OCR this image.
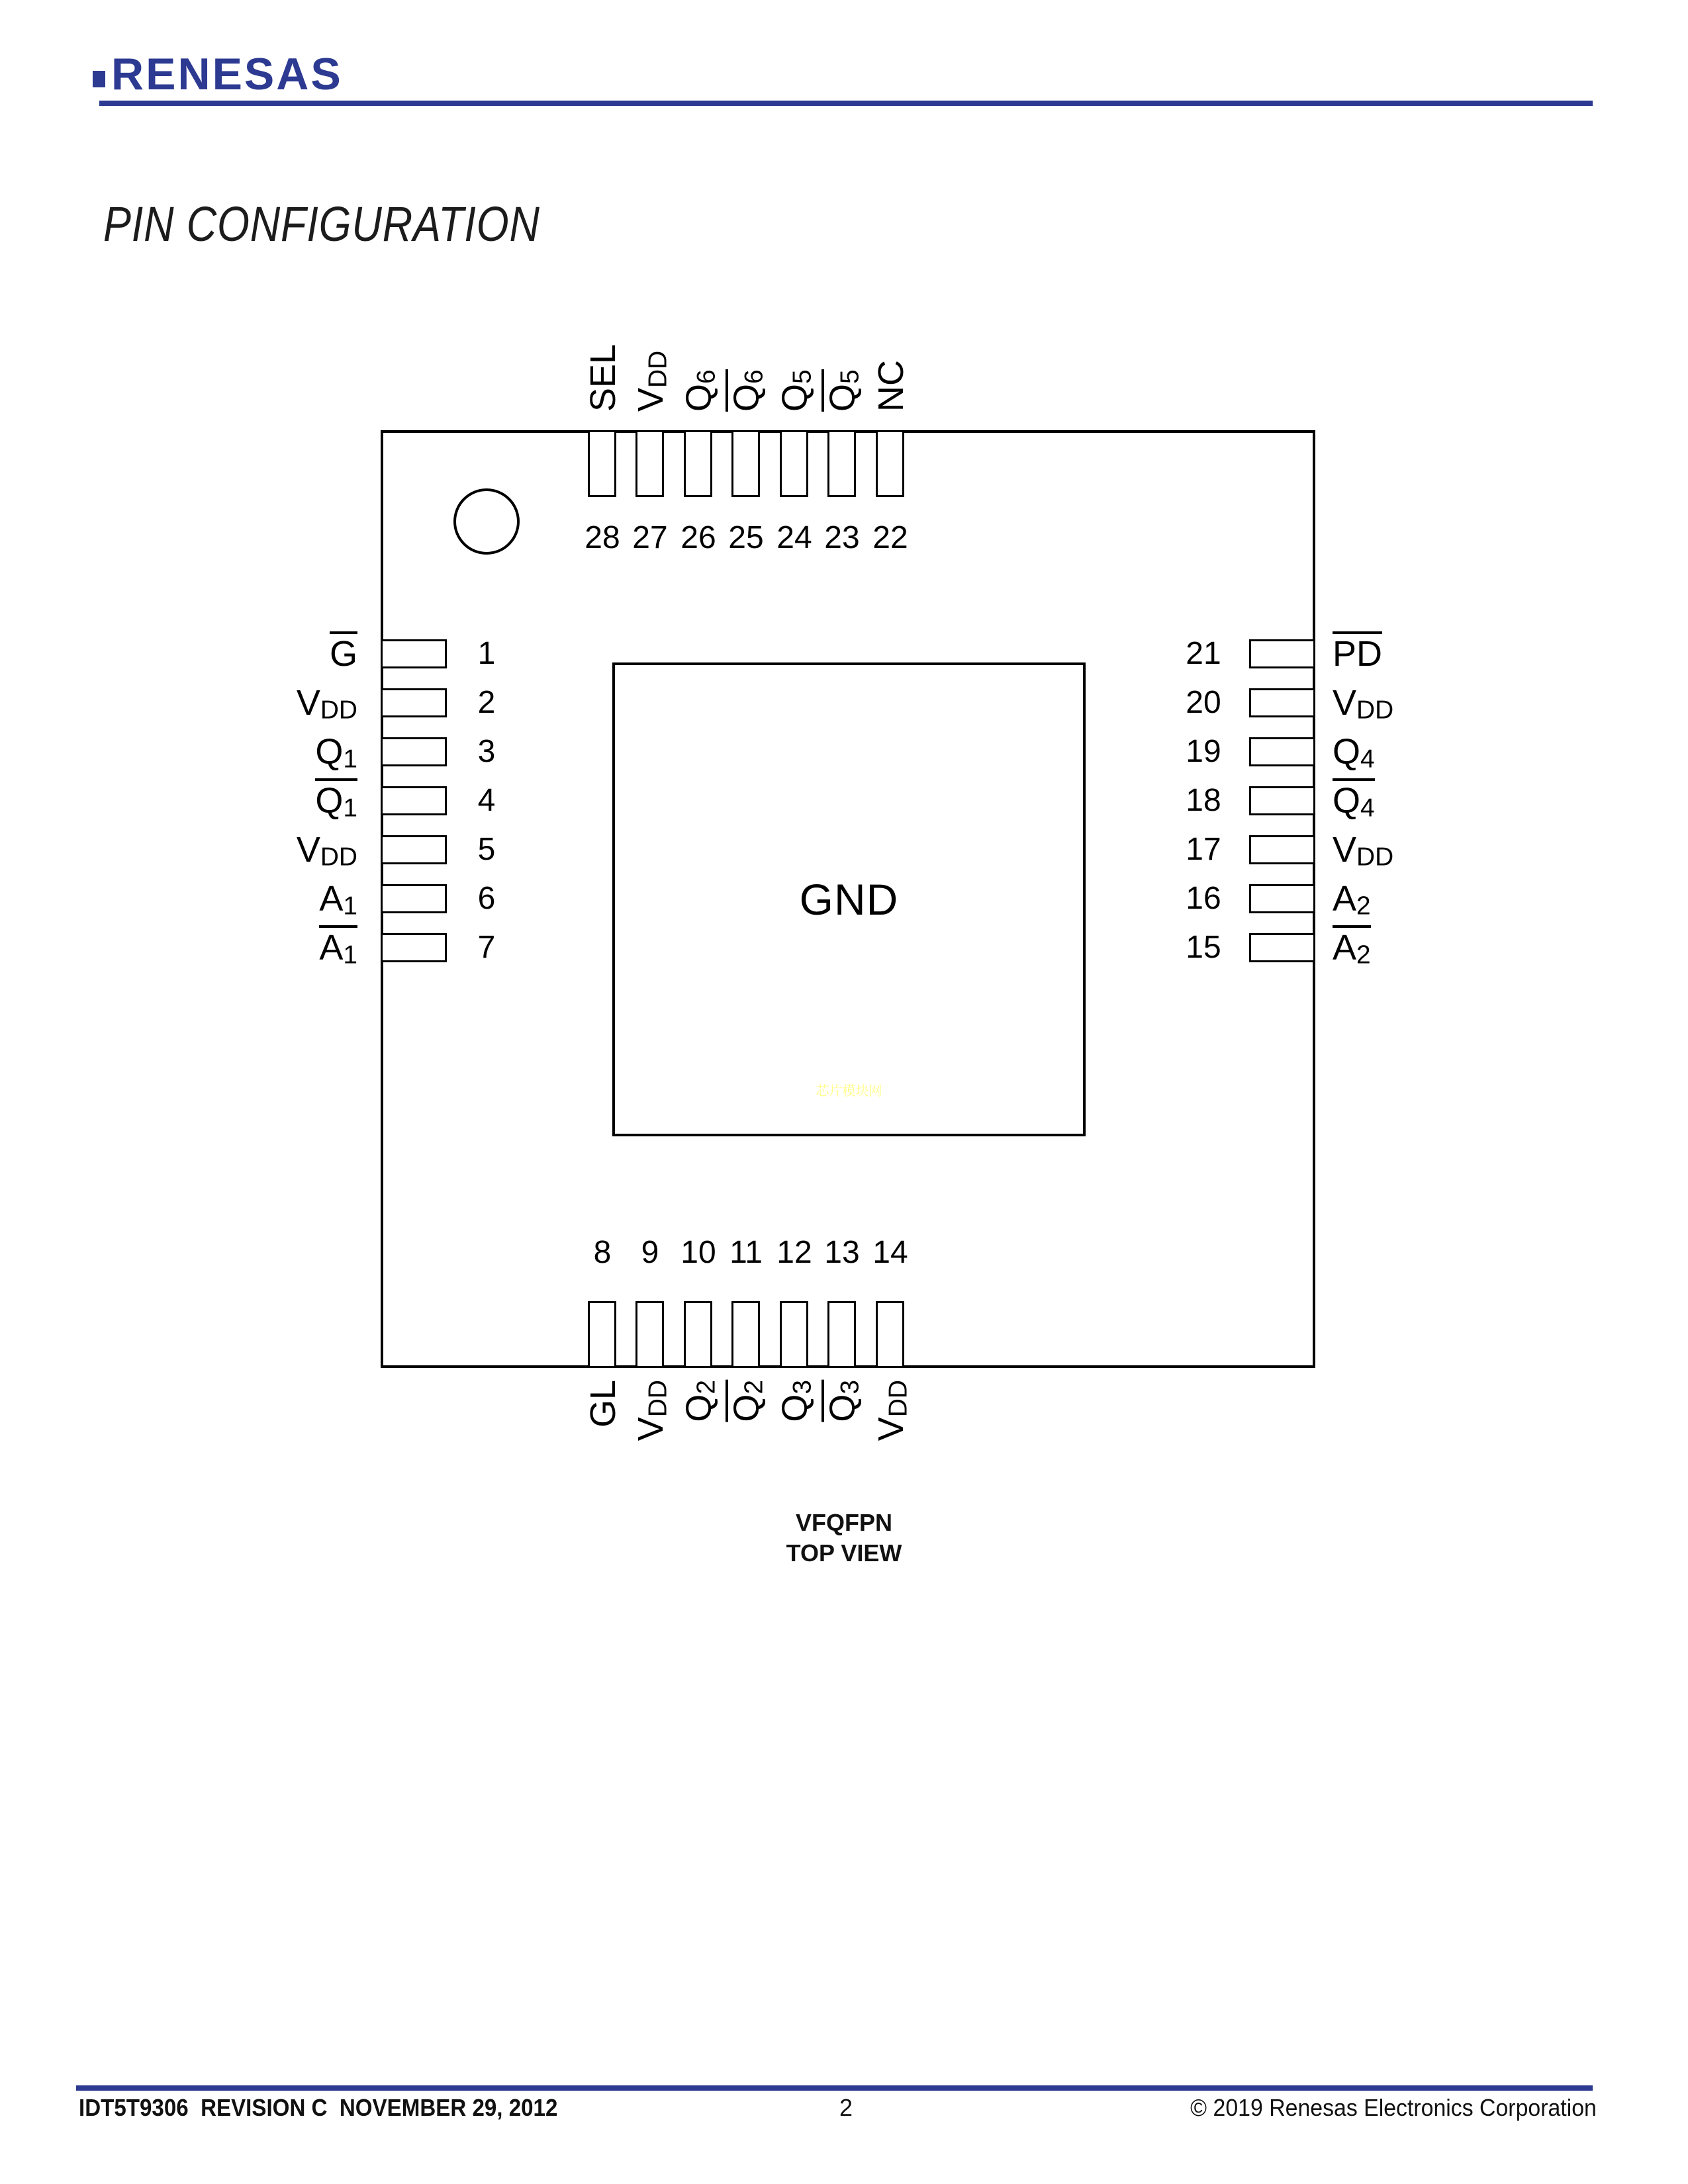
RENESAS
PIN CONFIGURATION
GND
芯片模块网
28
SEL
27
$V_{DD}$
26
$Q_6$
25
$Q_6$
24
$Q_5$
23
$Q_5$
22
NC
8
GL
9
$V_{DD}$
10
$Q_2$
11
$Q_2$
12
$Q_3$
13
$Q_3$
14
$V_{DD}$
1
G
2
$V_{DD}$
3
$Q_1$
4
$Q_1$
5
$V_{DD}$
6
$A_1$
7
$A_1$
21	PD
20	$V_{DD}$
19	$Q_4$
18	$Q_4$
17	$V_{DD}$
16	$A_2$
15	$A_2$
VFQFPN
TOP VIEW
IDT5T9306  REVISION C  NOVEMBER 29, 2012	2	© 2019 Renesas Electronics Corporation
